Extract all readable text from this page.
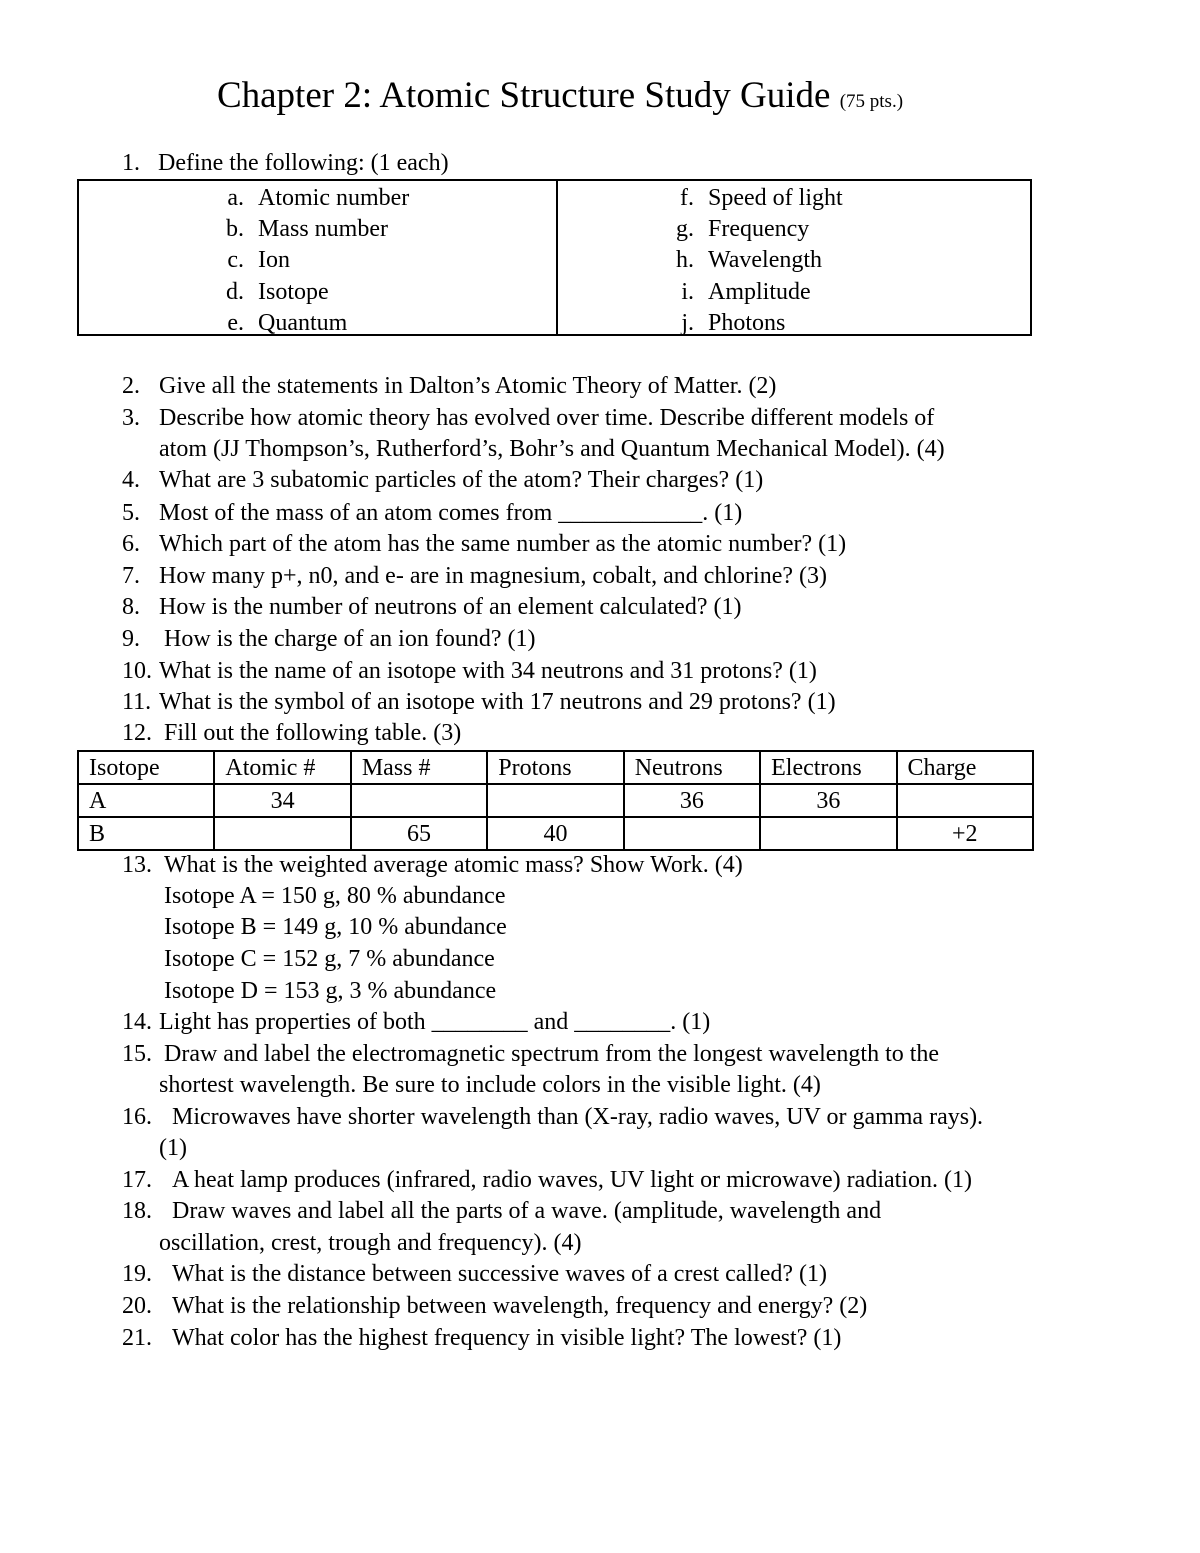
Chapter 2: Atomic Structure Study Guide (75 pts.)
1. Define the following: (1 each)
a. Atomic number
b. Mass number
c. Ion
d. Isotope
e. Quantum
f. Speed of light
g. Frequency
h. Wavelength
i. Amplitude
j. Photons
2. Give all the statements in Dalton’s Atomic Theory of Matter. (2)
3. Describe how atomic theory has evolved over time. Describe different models of
atom (JJ Thompson’s, Rutherford’s, Bohr’s and Quantum Mechanical Model). (4)
4. What are 3 subatomic particles of the atom? Their charges? (1)
5. Most of the mass of an atom comes from ____________. (1)
6. Which part of the atom has the same number as the atomic number? (1)
7. How many p+, n0, and e- are in magnesium, cobalt, and chlorine? (3)
8. How is the number of neutrons of an element calculated? (1)
9. How is the charge of an ion found? (1)
10. What is the name of an isotope with 34 neutrons and 31 protons? (1)
11. What is the symbol of an isotope with 17 neutrons and 29 protons? (1)
12. Fill out the following table. (3)
Isotope	Atomic #	Mass #	Protons	Neutrons	Electrons	Charge
A	34			36	36	
B		65	40			+2
13. What is the weighted average atomic mass? Show Work. (4)
Isotope A = 150 g, 80 % abundance
Isotope B = 149 g, 10 % abundance
Isotope C = 152 g, 7 % abundance
Isotope D = 153 g, 3 % abundance
14. Light has properties of both ________ and ________. (1)
15. Draw and label the electromagnetic spectrum from the longest wavelength to the
shortest wavelength. Be sure to include colors in the visible light. (4)
16. Microwaves have shorter wavelength than (X-ray, radio waves, UV or gamma rays).
(1)
17. A heat lamp produces (infrared, radio waves, UV light or microwave) radiation. (1)
18. Draw waves and label all the parts of a wave. (amplitude, wavelength and
oscillation, crest, trough and frequency). (4)
19. What is the distance between successive waves of a crest called? (1)
20. What is the relationship between wavelength, frequency and energy? (2)
21. What color has the highest frequency in visible light? The lowest? (1)
